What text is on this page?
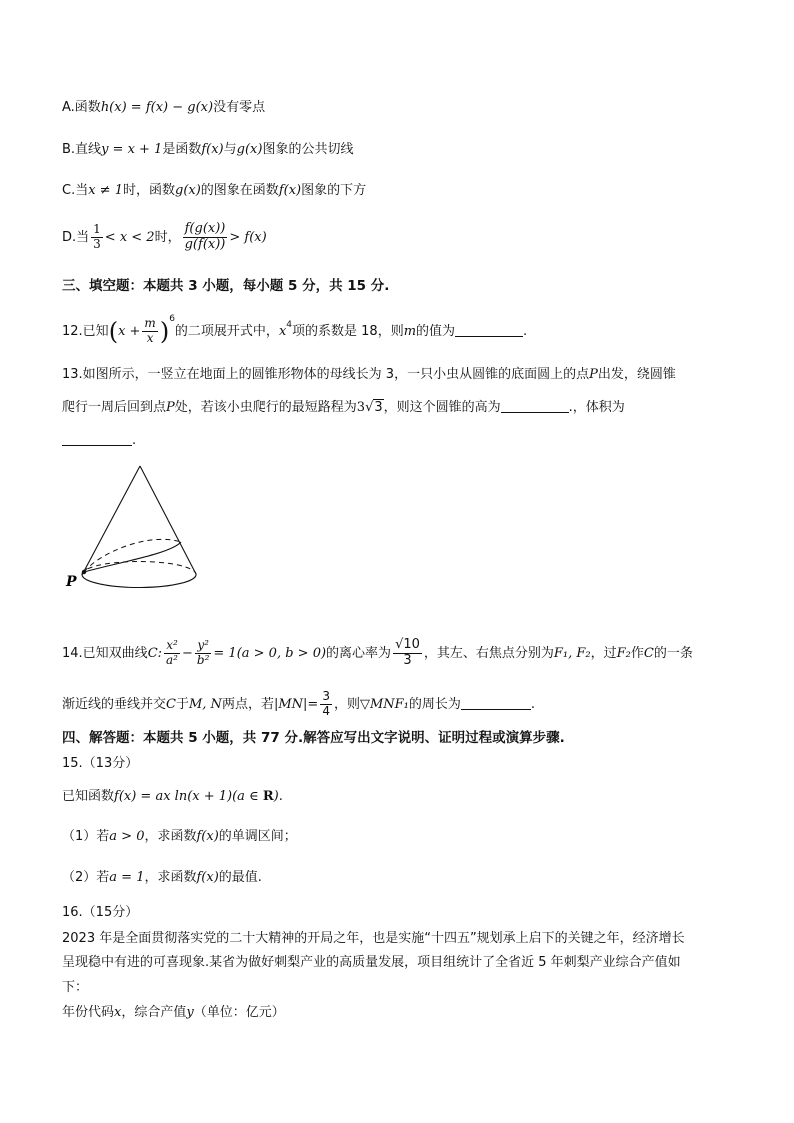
A.函数h(x) = f(x) − g(x)没有零点
B.直线y = x + 1是函数f(x)与g(x)图象的公共切线
C.当x ≠ 1时，函数g(x)的图象在函数f(x)图象的下方
D.当 $\frac{1}{3} < x < 2$时， $\frac{f(g(x))}{g(f(x))} > f(x)$
三、填空题：本题共 3 小题，每小题 5 分，共 15 分.
12.已知$(x + \frac{m}{x} )^6$的二项展开式中，$x^4$项的系数是 18，则m的值为	.
13.如图所示，一竖立在地面上的圆锥形物体的母线长为 3，一只小虫从圆锥的底面圆上的点P出发，绕圆锥
爬行一周后回到点P处，若该小虫爬行的最短路程为3√3，则这个圆锥的高为	.，体积为
.
P
14.已知双曲线C: $\frac{\text{x²}}{\text{a²}} - \frac{\text{y²}}{\text{b²}} = 1(a > 0$, b > 0)的离心率为 $\frac{√10}{3}$ ，其左、右焦点分别为F₁, F₂，过F₂作C的一条
渐近线的垂线并交C于M, N两点，若$|MN|= \frac{3}{4}$ ，则▽MNF₁的周长为	.
四、解答题：本题共 5 小题，共 77 分.解答应写出文字说明、证明过程或演算步骤.
15.（13分）
已知函数f(x) = ax ln(x + 1)(a ∈ R).
（1）若a > 0，求函数f(x)的单调区间；
（2）若a = 1，求函数f(x)的最值.
16.（15分）
2023 年是全面贯彻落实党的二十大精神的开局之年，也是实施“十四五”规划承上启下的关键之年，经济增长
呈现稳中有进的可喜现象.某省为做好刺梨产业的高质量发展，项目组统计了全省近 5 年刺梨产业综合产值如
下：
年份代码x，综合产值y（单位：亿元）
